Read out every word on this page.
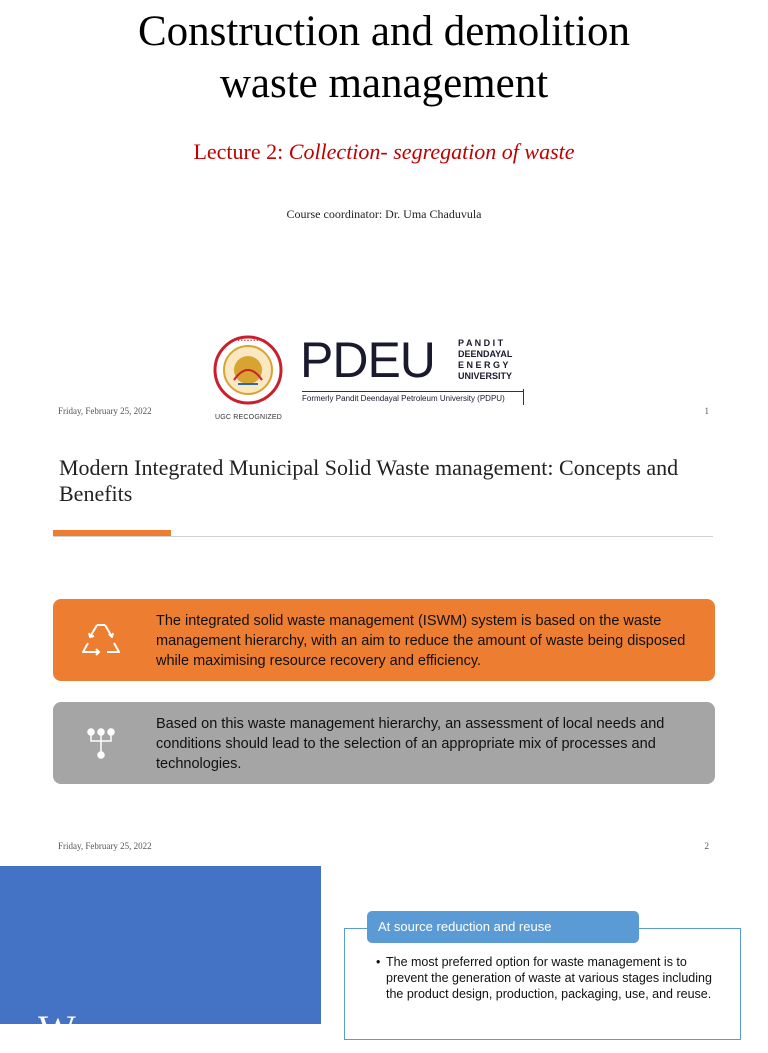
Construction and demolition
waste management
Lecture 2: Collection- segregation of waste
Course coordinator: Dr. Uma Chaduvula
• • • • • • •
UGC RECOGNIZED
PDEU	P A N D I T
DEENDAYAL
E N E R G Y
UNIVERSITY
Formerly Pandit Deendayal Petroleum University (PDPU)
Friday, February 25, 2022	1
Modern Integrated Municipal Solid Waste management: Concepts and Benefits
The integrated solid waste management (ISWM) system is based on the waste management hierarchy, with an aim to reduce the amount of waste being disposed while maximising resource recovery and efficiency.
Based on this waste management hierarchy, an assessment of local needs and conditions should lead to the selection of an appropriate mix of processes and technologies.
Friday, February 25, 2022	2
Wa
At source reduction and reuse
• The most preferred option for waste management is to prevent the generation of waste at various stages including the product design, production, packaging, use, and reuse.
